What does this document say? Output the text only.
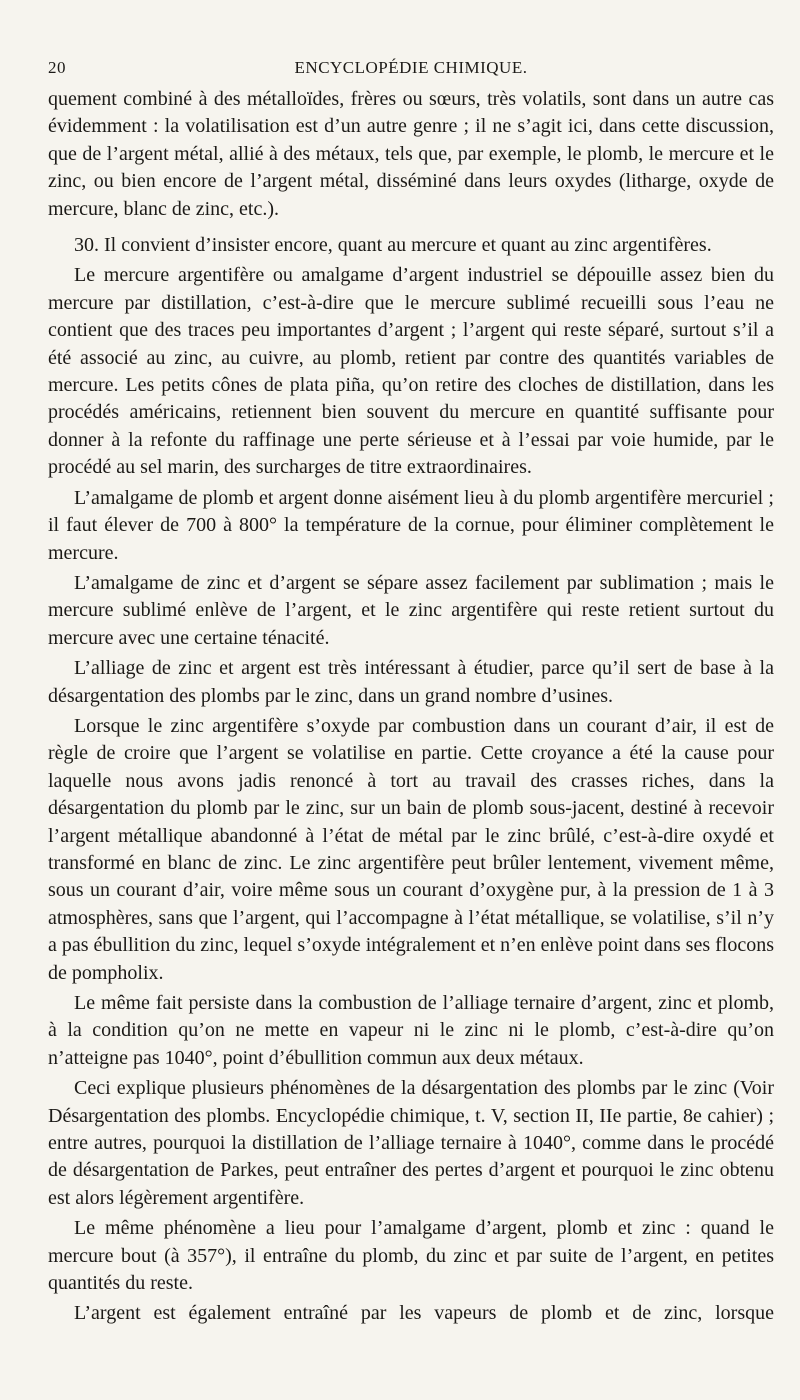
20	ENCYCLOPÉDIE CHIMIQUE.

quement combiné à des métalloïdes, frères ou sœurs, très volatils, sont dans un autre cas évidemment : la volatilisation est d’un autre genre ; il ne s’agit ici, dans cette discussion, que de l’argent métal, allié à des métaux, tels que, par exemple, le plomb, le mercure et le zinc, ou bien encore de l’argent métal, disséminé dans leurs oxydes (litharge, oxyde de mercure, blanc de zinc, etc.).

30. Il convient d’insister encore, quant au mercure et quant au zinc argentifères.

Le mercure argentifère ou amalgame d’argent industriel se dépouille assez bien du mercure par distillation, c’est-à-dire que le mercure sublimé recueilli sous l’eau ne contient que des traces peu importantes d’argent ; l’argent qui reste séparé, surtout s’il a été associé au zinc, au cuivre, au plomb, retient par contre des quantités variables de mercure. Les petits cônes de plata piña, qu’on retire des cloches de distillation, dans les procédés américains, retiennent bien souvent du mercure en quantité suffisante pour donner à la refonte du raffinage une perte sérieuse et à l’essai par voie humide, par le procédé au sel marin, des surcharges de titre extraordinaires.

L’amalgame de plomb et argent donne aisément lieu à du plomb argentifère mercuriel ; il faut élever de 700 à 800° la température de la cornue, pour éliminer complètement le mercure.

L’amalgame de zinc et d’argent se sépare assez facilement par sublimation ; mais le mercure sublimé enlève de l’argent, et le zinc argentifère qui reste retient surtout du mercure avec une certaine ténacité.

L’alliage de zinc et argent est très intéressant à étudier, parce qu’il sert de base à la désargentation des plombs par le zinc, dans un grand nombre d’usines.

Lorsque le zinc argentifère s’oxyde par combustion dans un courant d’air, il est de règle de croire que l’argent se volatilise en partie. Cette croyance a été la cause pour laquelle nous avons jadis renoncé à tort au travail des crasses riches, dans la désargentation du plomb par le zinc, sur un bain de plomb sous-jacent, destiné à recevoir l’argent métallique abandonné à l’état de métal par le zinc brûlé, c’est-à-dire oxydé et transformé en blanc de zinc. Le zinc argentifère peut brûler lentement, vivement même, sous un courant d’air, voire même sous un courant d’oxygène pur, à la pression de 1 à 3 atmosphères, sans que l’argent, qui l’accompagne à l’état métallique, se volatilise, s’il n’y a pas ébullition du zinc, lequel s’oxyde intégralement et n’en enlève point dans ses flocons de pompholix.

Le même fait persiste dans la combustion de l’alliage ternaire d’argent, zinc et plomb, à la condition qu’on ne mette en vapeur ni le zinc ni le plomb, c’est-à-dire qu’on n’atteigne pas 1040°, point d’ébullition commun aux deux métaux.

Ceci explique plusieurs phénomènes de la désargentation des plombs par le zinc (Voir Désargentation des plombs. Encyclopédie chimique, t. V, section II, IIe partie, 8e cahier) ; entre autres, pourquoi la distillation de l’alliage ternaire à 1040°, comme dans le procédé de désargentation de Parkes, peut entraîner des pertes d’argent et pourquoi le zinc obtenu est alors légèrement argentifère.

Le même phénomène a lieu pour l’amalgame d’argent, plomb et zinc : quand le mercure bout (à 357°), il entraîne du plomb, du zinc et par suite de l’argent, en petites quantités du reste.

L’argent est également entraîné par les vapeurs de plomb et de zinc, lorsque
